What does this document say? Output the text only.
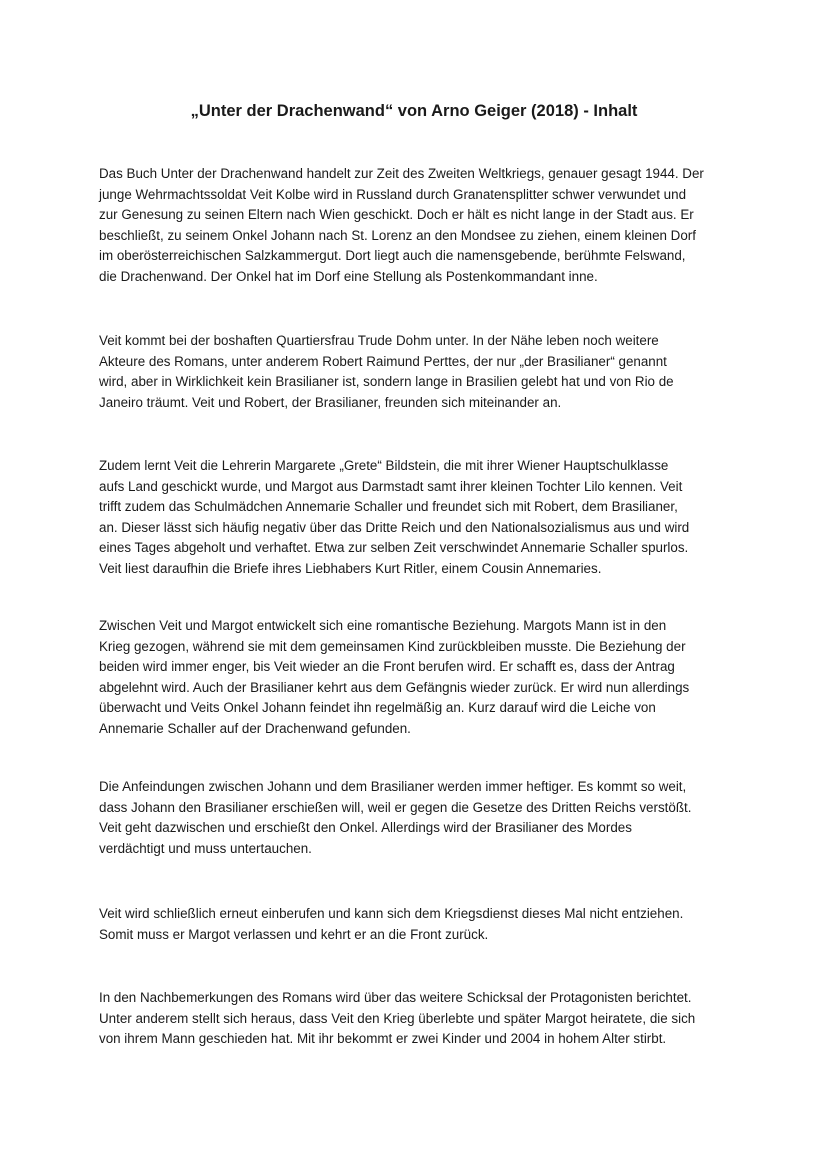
„Unter der Drachenwand“ von Arno Geiger (2018) - Inhalt

Das Buch Unter der Drachenwand handelt zur Zeit des Zweiten Weltkriegs, genauer gesagt 1944. Der
junge Wehrmachtssoldat Veit Kolbe wird in Russland durch Granatensplitter schwer verwundet und
zur Genesung zu seinen Eltern nach Wien geschickt. Doch er hält es nicht lange in der Stadt aus. Er
beschließt, zu seinem Onkel Johann nach St. Lorenz an den Mondsee zu ziehen, einem kleinen Dorf
im oberösterreichischen Salzkammergut. Dort liegt auch die namensgebende, berühmte Felswand,
die Drachenwand. Der Onkel hat im Dorf eine Stellung als Postenkommandant inne.

Veit kommt bei der boshaften Quartiersfrau Trude Dohm unter. In der Nähe leben noch weitere
Akteure des Romans, unter anderem Robert Raimund Perttes, der nur „der Brasilianer“ genannt
wird, aber in Wirklichkeit kein Brasilianer ist, sondern lange in Brasilien gelebt hat und von Rio de
Janeiro träumt. Veit und Robert, der Brasilianer, freunden sich miteinander an.

Zudem lernt Veit die Lehrerin Margarete „Grete“ Bildstein, die mit ihrer Wiener Hauptschulklasse
aufs Land geschickt wurde, und Margot aus Darmstadt samt ihrer kleinen Tochter Lilo kennen. Veit
trifft zudem das Schulmädchen Annemarie Schaller und freundet sich mit Robert, dem Brasilianer,
an. Dieser lässt sich häufig negativ über das Dritte Reich und den Nationalsozialismus aus und wird
eines Tages abgeholt und verhaftet. Etwa zur selben Zeit verschwindet Annemarie Schaller spurlos.
Veit liest daraufhin die Briefe ihres Liebhabers Kurt Ritler, einem Cousin Annemaries.

Zwischen Veit und Margot entwickelt sich eine romantische Beziehung. Margots Mann ist in den
Krieg gezogen, während sie mit dem gemeinsamen Kind zurückbleiben musste. Die Beziehung der
beiden wird immer enger, bis Veit wieder an die Front berufen wird. Er schafft es, dass der Antrag
abgelehnt wird. Auch der Brasilianer kehrt aus dem Gefängnis wieder zurück. Er wird nun allerdings
überwacht und Veits Onkel Johann feindet ihn regelmäßig an. Kurz darauf wird die Leiche von
Annemarie Schaller auf der Drachenwand gefunden.

Die Anfeindungen zwischen Johann und dem Brasilianer werden immer heftiger. Es kommt so weit,
dass Johann den Brasilianer erschießen will, weil er gegen die Gesetze des Dritten Reichs verstößt.
Veit geht dazwischen und erschießt den Onkel. Allerdings wird der Brasilianer des Mordes
verdächtigt und muss untertauchen.

Veit wird schließlich erneut einberufen und kann sich dem Kriegsdienst dieses Mal nicht entziehen.
Somit muss er Margot verlassen und kehrt er an die Front zurück.

In den Nachbemerkungen des Romans wird über das weitere Schicksal der Protagonisten berichtet.
Unter anderem stellt sich heraus, dass Veit den Krieg überlebte und später Margot heiratete, die sich
von ihrem Mann geschieden hat. Mit ihr bekommt er zwei Kinder und 2004 in hohem Alter stirbt.
